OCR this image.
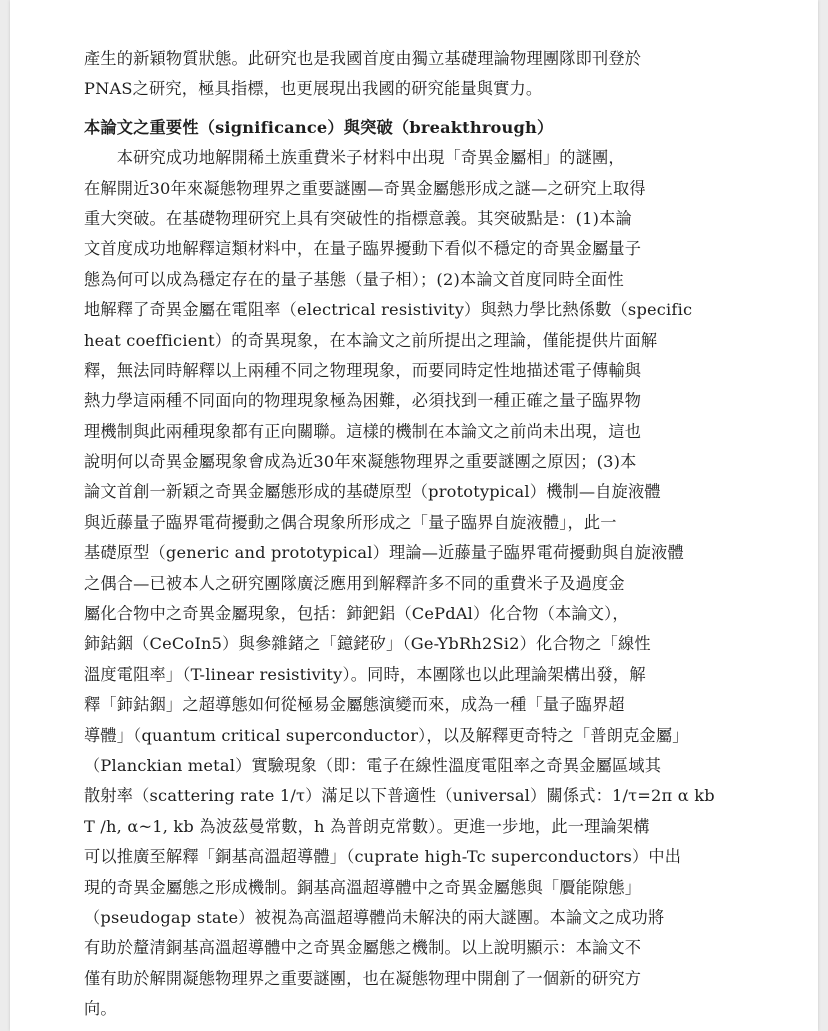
產生的新穎物質狀態。此研究也是我國首度由獨立基礎理論物理團隊即刊登於
PNAS之研究，極具指標，也更展現出我國的研究能量與實力。
本論文之重要性（significance）與突破（breakthrough）
　　本研究成功地解開稀土族重費米子材料中出現「奇異金屬相」的謎團，
在解開近30年來凝態物理界之重要謎團—奇異金屬態形成之謎—之研究上取得
重大突破。在基礎物理研究上具有突破性的指標意義。其突破點是：(1)本論
文首度成功地解釋這類材料中，在量子臨界擾動下看似不穩定的奇異金屬量子
態為何可以成為穩定存在的量子基態（量子相）；(2)本論文首度同時全面性
地解釋了奇異金屬在電阻率（electrical resistivity）與熱力學比熱係數（specific
heat coefficient）的奇異現象，在本論文之前所提出之理論，僅能提供片面解
釋，無法同時解釋以上兩種不同之物理現象，而要同時定性地描述電子傳輸與
熱力學這兩種不同面向的物理現象極為困難，必須找到一種正確之量子臨界物
理機制與此兩種現象都有正向關聯。這樣的機制在本論文之前尚未出現，這也
說明何以奇異金屬現象會成為近30年來凝態物理界之重要謎團之原因；(3)本
論文首創一新穎之奇異金屬態形成的基礎原型（prototypical）機制—自旋液體
與近藤量子臨界電荷擾動之偶合現象所形成之「量子臨界自旋液體」，此一
基礎原型（generic and prototypical）理論—近藤量子臨界電荷擾動與自旋液體
之偶合—已被本人之研究團隊廣泛應用到解釋許多不同的重費米子及過度金
屬化合物中之奇異金屬現象，包括：鈰鈀鋁（CePdAl）化合物（本論文），
鈰鈷銦（CeCoIn5）與參雜鍺之「鐿銠矽」（Ge-YbRh2Si2）化合物之「線性
溫度電阻率」（T-linear resistivity）。同時，本團隊也以此理論架構出發，解
釋「鈰鈷銦」之超導態如何從極易金屬態演變而來，成為一種「量子臨界超
導體」（quantum critical superconductor），以及解釋更奇特之「普朗克金屬」
（Planckian metal）實驗現象（即：電子在線性溫度電阻率之奇異金屬區域其
散射率（scattering rate 1/τ）滿足以下普適性（universal）關係式：1/τ=2π α kb
T /h, α~1, kb 為波茲曼常數，h 為普朗克常數）。更進一步地，此一理論架構
可以推廣至解釋「銅基高溫超導體」（cuprate high-Tc superconductors）中出
現的奇異金屬態之形成機制。銅基高溫超導體中之奇異金屬態與「贗能隙態」
（pseudogap state）被視為高溫超導體尚未解決的兩大謎團。本論文之成功將
有助於釐清銅基高溫超導體中之奇異金屬態之機制。以上說明顯示：本論文不
僅有助於解開凝態物理界之重要謎團，也在凝態物理中開創了一個新的研究方
向。
